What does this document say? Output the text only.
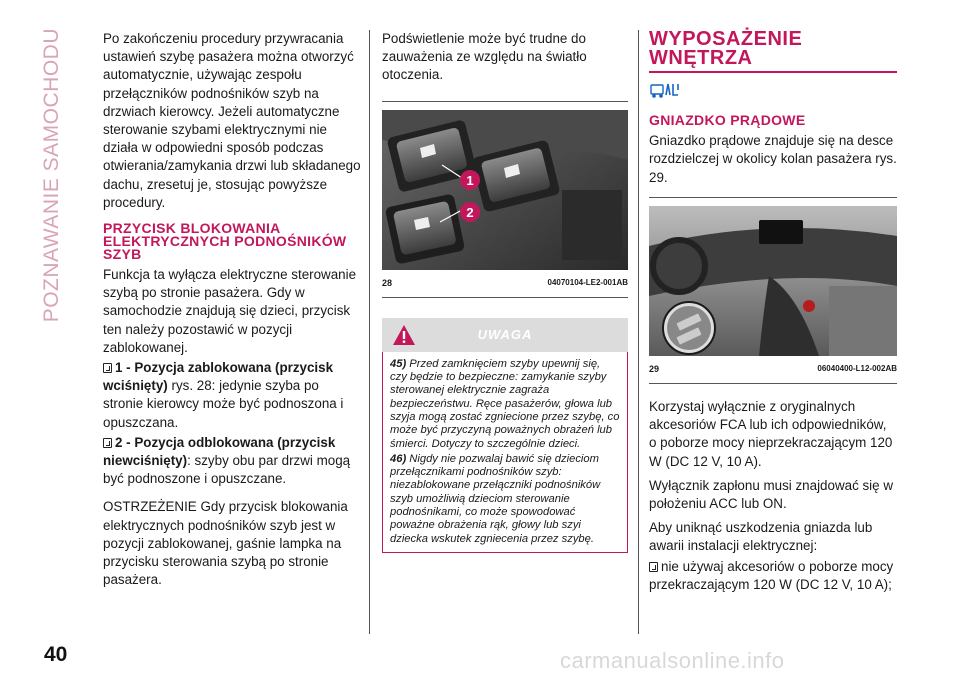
POZNAWANIE SAMOCHODU	Po zakończeniu procedury przywracania ustawień szybę pasażera można otworzyć automatycznie, używając zespołu przełączników podnośników szyb na drzwiach kierowcy. Jeżeli automatyczne sterowanie szybami elektrycznymi nie działa w odpowiedni sposób podczas otwierania/zamykania drzwi lub składanego dachu, zresetuj je, stosując powyższe procedury.

PRZYCISK BLOKOWANIA ELEKTRYCZNYCH PODNOŚNIKÓW SZYB

Funkcja ta wyłącza elektryczne sterowanie szybą po stronie pasażera. Gdy w samochodzie znajdują się dzieci, przycisk ten należy pozostawić w pozycji zablokowanej.

1 - Pozycja zablokowana (przycisk wciśnięty) rys. 28: jedynie szyba po stronie kierowcy może być podnoszona i opuszczana.

2 - Pozycja odblokowana (przycisk niewciśnięty): szyby obu par drzwi mogą być podnoszone i opuszczane.

OSTRZEŻENIE Gdy przycisk blokowania elektrycznych podnośników szyb jest w pozycji zablokowanej, gaśnie lampka na przycisku sterowania szybą po stronie pasażera.

Podświetlenie może być trudne do zauważenia ze względu na światło otoczenia.

1
2
28	04070104-LE2-001AB
UWAGA
45) Przed zamknięciem szyby upewnij się, czy będzie to bezpieczne: zamykanie szyby sterowanej elektrycznie zagraża bezpieczeństwu. Ręce pasażerów, głowa lub szyja mogą zostać zgniecione przez szybę, co może być przyczyną poważnych obrażeń lub śmierci. Dotyczy to szczególnie dzieci.
46) Nigdy nie pozwalaj bawić się dzieciom przełącznikami podnośników szyb: niezablokowane przełączniki podnośników szyb umożliwią dzieciom sterowanie podnośnikami, co może spowodować poważne obrażenia rąk, głowy lub szyi dziecka wskutek zgniecenia przez szybę.
WYPOSAŻENIE WNĘTRZA
GNIAZDKO PRĄDOWE

Gniazdko prądowe znajduje się na desce rozdzielczej w okolicy kolan pasażera rys. 29.

29	06040400-L12-002AB

Korzystaj wyłącznie z oryginalnych akcesoriów FCA lub ich odpowiedników, o poborze mocy nieprzekraczającym 120 W (DC 12 V, 10 A).

Wyłącznik zapłonu musi znajdować się w położeniu ACC lub ON.

Aby uniknąć uszkodzenia gniazda lub awarii instalacji elektrycznej:

nie używaj akcesoriów o poborze mocy przekraczającym 120 W (DC 12 V, 10 A);

40	carmanualsonline.info
